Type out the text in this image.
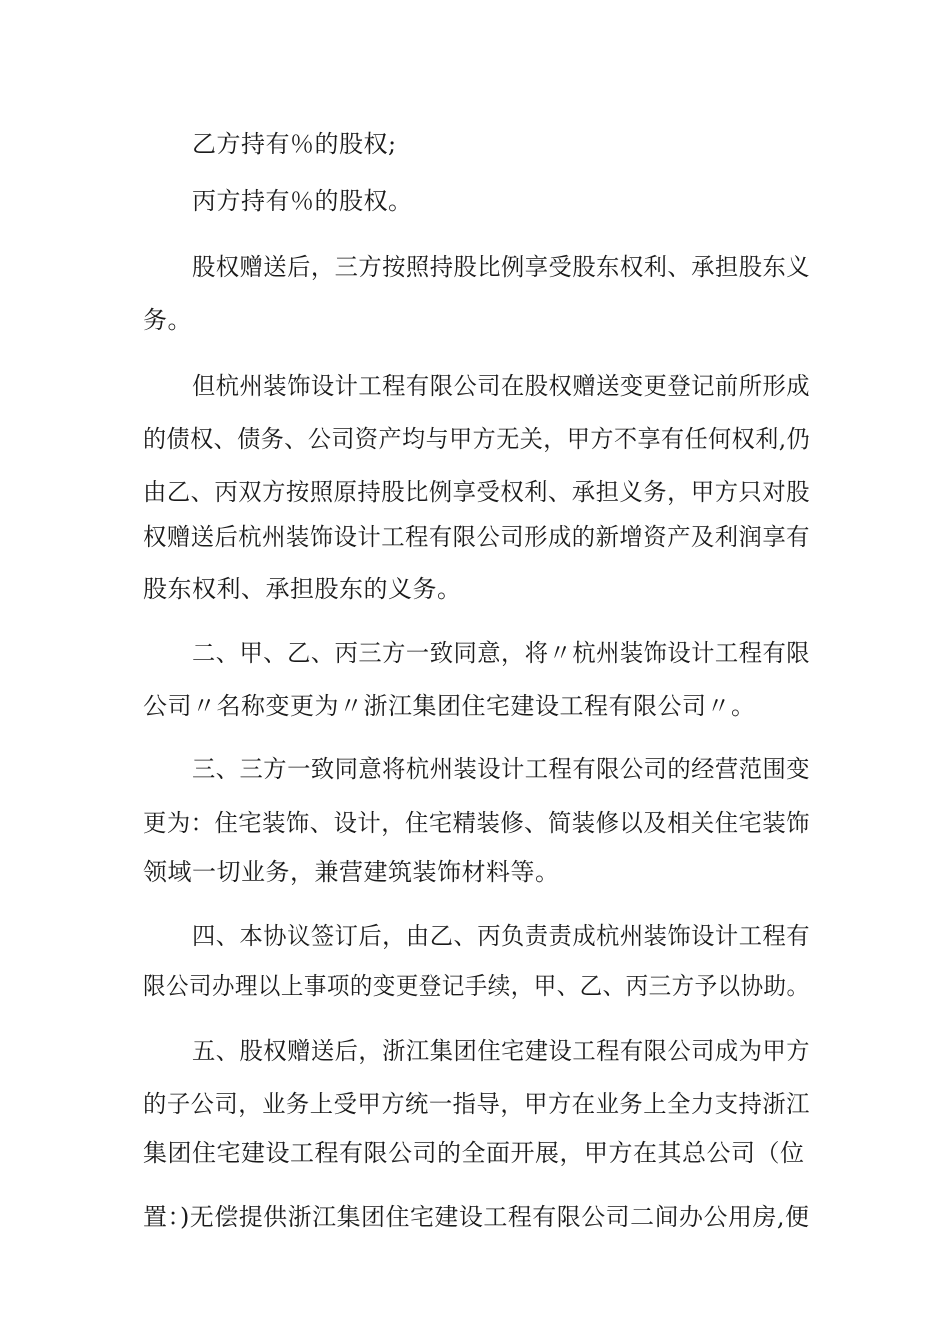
乙方持有％的股权;
丙方持有％的股权。
股权赠送后，三方按照持股比例享受股东权利、承担股东义
务。
但杭州装饰设计工程有限公司在股权赠送变更登记前所形成
的债权、债务、公司资产均与甲方无关，甲方不享有任何权利,仍
由乙、丙双方按照原持股比例享受权利、承担义务，甲方只对股
权赠送后杭州装饰设计工程有限公司形成的新增资产及利润享有
股东权利、承担股东的义务。
二、甲、乙、丙三方一致同意，将〃杭州装饰设计工程有限
公司〃名称变更为〃浙江集团住宅建设工程有限公司〃。
三、三方一致同意将杭州装设计工程有限公司的经营范围变
更为：住宅装饰、设计，住宅精装修、简装修以及相关住宅装饰
领域一切业务，兼营建筑装饰材料等。
四、本协议签订后，由乙、丙负责责成杭州装饰设计工程有
限公司办理以上事项的变更登记手续，甲、乙、丙三方予以协助。
五、股权赠送后，浙江集团住宅建设工程有限公司成为甲方
的子公司，业务上受甲方统一指导，甲方在业务上全力支持浙江
集团住宅建设工程有限公司的全面开展，甲方在其总公司（位
置：)无偿提供浙江集团住宅建设工程有限公司二间办公用房,便
